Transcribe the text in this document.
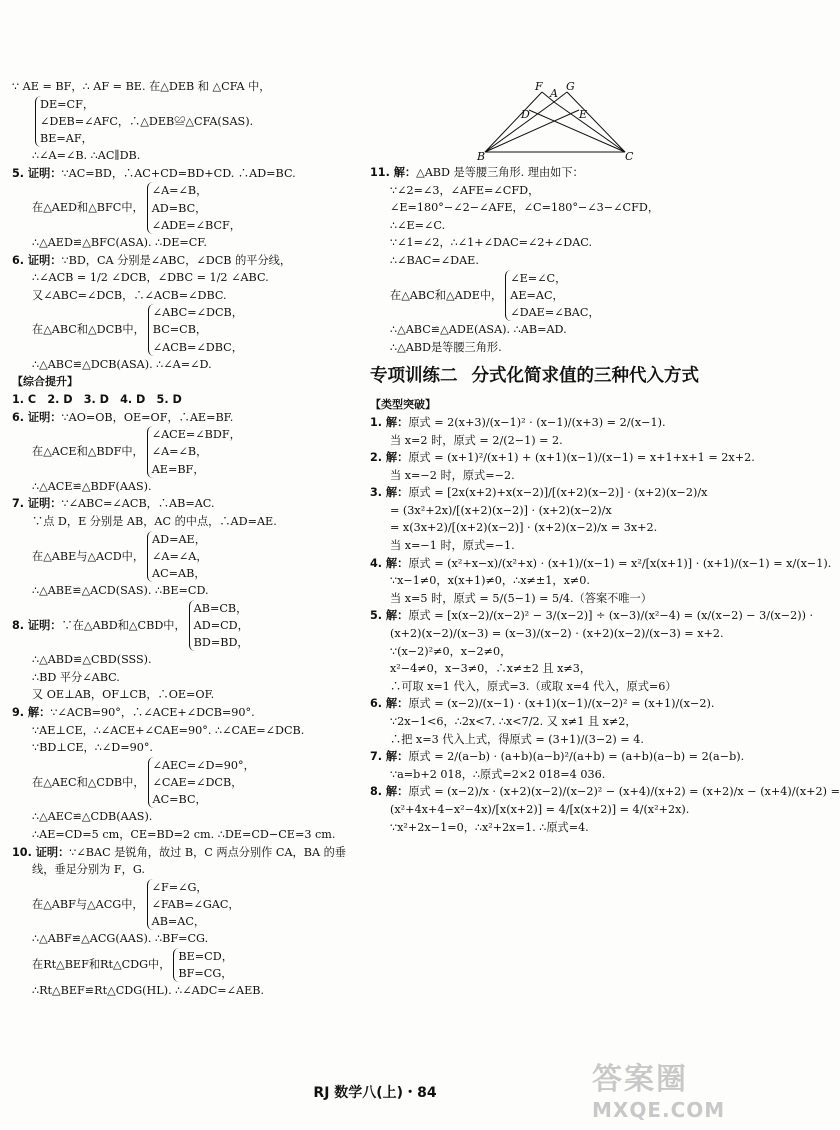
∵ AE = BF，∴ AF = BE. 在△DEB 和 △CFA 中，
DE=CF，
∠DEB=∠AFC，∴△DEB≌△CFA(SAS).
BE=AF，
∴∠A=∠B. ∴AC∥DB.
5. 证明：∵AC=BD，∴AC+CD=BD+CD. ∴AD=BC.
在△AED和△BFC中，
∠A=∠B，
AD=BC，
∠ADE=∠BCF，
∴△AED≌△BFC(ASA). ∴DE=CF.
6. 证明：∵BD，CA 分别是∠ABC，∠DCB 的平分线，
∴∠ACB = 1/2 ∠DCB，∠DBC = 1/2 ∠ABC.
又∠ABC=∠DCB，∴∠ACB=∠DBC.
在△ABC和△DCB中，
∠ABC=∠DCB，
BC=CB，
∠ACB=∠DBC，
∴△ABC≌△DCB(ASA). ∴∠A=∠D.
【综合提升】
1. C　2. D　3. D　4. D　5. D
6. 证明：∵AO=OB，OE=OF，∴AE=BF.
在△ACE和△BDF中，
∠ACE=∠BDF，
∠A=∠B，
AE=BF，
∴△ACE≌△BDF(AAS).
7. 证明：∵∠ABC=∠ACB，∴AB=AC.
∵点 D，E 分别是 AB，AC 的中点，∴AD=AE.
在△ABE与△ACD中，
AD=AE，
∠A=∠A，
AC=AB，
∴△ABE≌△ACD(SAS). ∴BE=CD.
8. 证明： ∵在△ABD和△CBD中，
AB=CB，
AD=CD，
BD=BD，
∴△ABD≌△CBD(SSS).
∴BD 平分∠ABC.
又 OE⊥AB，OF⊥CB，∴OE=OF.
9. 解：∵∠ACB=90°，∴∠ACE+∠DCB=90°.
∵AE⊥CE，∴∠ACE+∠CAE=90°. ∴∠CAE=∠DCB.
∵BD⊥CE，∴∠D=90°.
在△AEC和△CDB中，
∠AEC=∠D=90°，
∠CAE=∠DCB，
AC=BC，
∴△AEC≌△CDB(AAS).
∴AE=CD=5 cm，CE=BD=2 cm. ∴DE=CD−CE=3 cm.
10. 证明：∵∠BAC 是锐角，故过 B，C 两点分别作 CA，BA 的垂
线，垂足分别为 F，G.
在△ABF与△ACG中，
∠F=∠G，
∠FAB=∠GAC，
AB=AC，
∴△ABF≌△ACG(AAS). ∴BF=CG.
在Rt△BEF和Rt△CDG中，
BE=CD，
BF=CG，
∴Rt△BEF≌Rt△CDG(HL). ∴∠ADC=∠AEB.
F
A
G
D	E
B	C
11. 解：△ABD 是等腰三角形. 理由如下：
∵∠2=∠3，∠AFE=∠CFD，
∠E=180°−∠2−∠AFE，∠C=180°−∠3−∠CFD，
∴∠E=∠C.
∵∠1=∠2，∴∠1+∠DAC=∠2+∠DAC.
∴∠BAC=∠DAE.
在△ABC和△ADE中，
∠E=∠C，
AE=AC，
∠DAE=∠BAC，
∴△ABC≌△ADE(ASA). ∴AB=AD.
∴△ABD是等腰三角形.
专项训练二 分式化简求值的三种代入方式
【类型突破】
1. 解：原式 = 2(x+3)/(x−1)² · (x−1)/(x+3) = 2/(x−1).
当 x=2 时，原式 = 2/(2−1) = 2.
2. 解：原式 = (x+1)²/(x+1) + (x+1)(x−1)/(x−1) = x+1+x+1 = 2x+2.
当 x=−2 时，原式=−2.
3. 解：原式 = [2x(x+2)+x(x−2)]/[(x+2)(x−2)] · (x+2)(x−2)/x
= (3x²+2x)/[(x+2)(x−2)] · (x+2)(x−2)/x
= x(3x+2)/[(x+2)(x−2)] · (x+2)(x−2)/x = 3x+2.
当 x=−1 时，原式=−1.
4. 解：原式 = (x²+x−x)/(x²+x) · (x+1)/(x−1) = x²/[x(x+1)] · (x+1)/(x−1) = x/(x−1).
∵x−1≠0，x(x+1)≠0，∴x≠±1，x≠0.
当 x=5 时，原式 = 5/(5−1) = 5/4.（答案不唯一）
5. 解：原式 = [x(x−2)/(x−2)² − 3/(x−2)] ÷ (x−3)/(x²−4) = (x/(x−2) − 3/(x−2)) ·
(x+2)(x−2)/(x−3) = (x−3)/(x−2) · (x+2)(x−2)/(x−3) = x+2.
∵(x−2)²≠0，x−2≠0，
x²−4≠0，x−3≠0，∴x≠±2 且 x≠3，
∴可取 x=1 代入，原式=3.（或取 x=4 代入，原式=6）
6. 解：原式 = (x−2)/(x−1) · (x+1)(x−1)/(x−2)² = (x+1)/(x−2).
∵2x−1<6，∴2x<7. ∴x<7/2. 又 x≠1 且 x≠2，
∴把 x=3 代入上式，得原式 = (3+1)/(3−2) = 4.
7. 解：原式 = 2/(a−b) · (a+b)(a−b)²/(a+b) = (a+b)(a−b) = 2(a−b).
∵a=b+2 018，∴原式=2×2 018=4 036.
8. 解：原式 = (x−2)/x · (x+2)(x−2)/(x−2)² − (x+4)/(x+2) = (x+2)/x − (x+4)/(x+2) =
(x²+4x+4−x²−4x)/[x(x+2)] = 4/[x(x+2)] = 4/(x²+2x).
∵x²+2x−1=0，∴x²+2x=1. ∴原式=4.
RJ 数学八(上)・84	答案圈
MXQE.COM
